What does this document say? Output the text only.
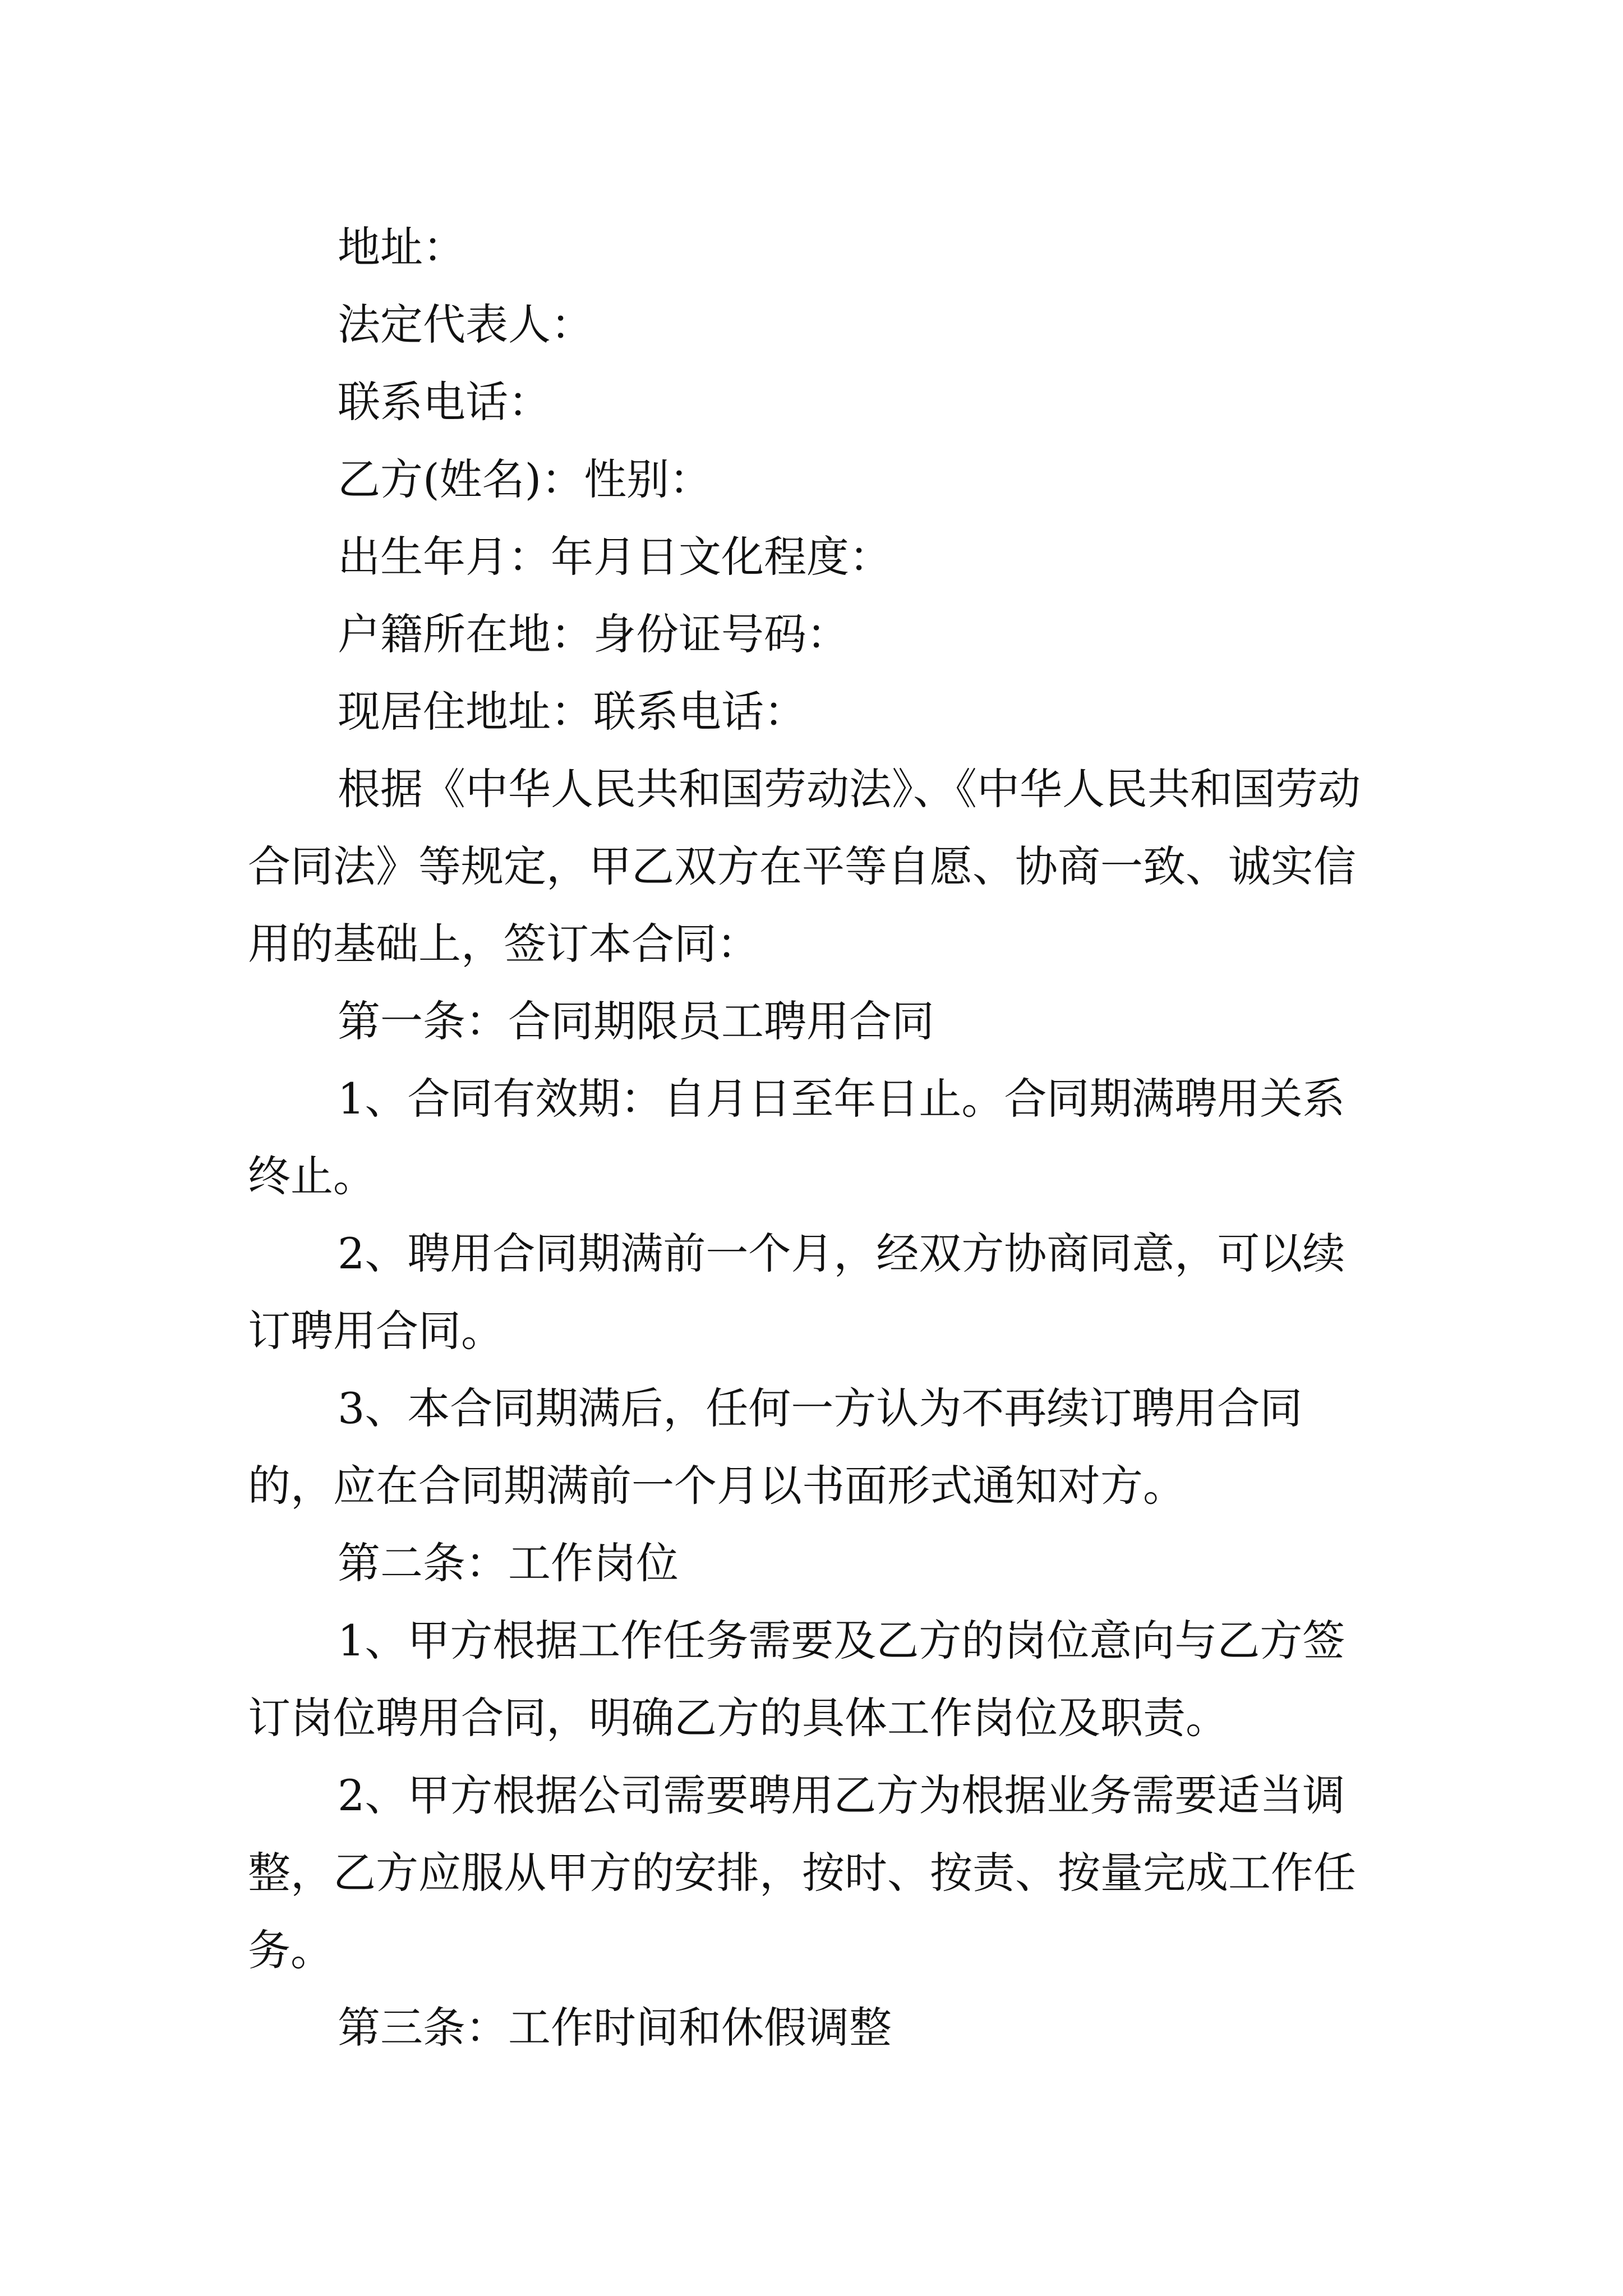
地址：

法定代表人：

联系电话：

乙方(姓名)：性别：

出生年月：年月日文化程度：

户籍所在地：身份证号码：

现居住地址：联系电话：

根据《中华人民共和国劳动法》、《中华人民共和国劳动合同法》等规定，甲乙双方在平等自愿、协商一致、诚实信用的基础上，签订本合同：

第一条：合同期限员工聘用合同

1、合同有效期：自月日至年日止。合同期满聘用关系终止。

2、聘用合同期满前一个月，经双方协商同意，可以续订聘用合同。

3、本合同期满后，任何一方认为不再续订聘用合同的，应在合同期满前一个月以书面形式通知对方。

第二条：工作岗位

1、甲方根据工作任务需要及乙方的岗位意向与乙方签订岗位聘用合同，明确乙方的具体工作岗位及职责。

2、甲方根据公司需要聘用乙方为根据业务需要适当调整，乙方应服从甲方的安排，按时、按责、按量完成工作任务。

第三条：工作时间和休假调整
